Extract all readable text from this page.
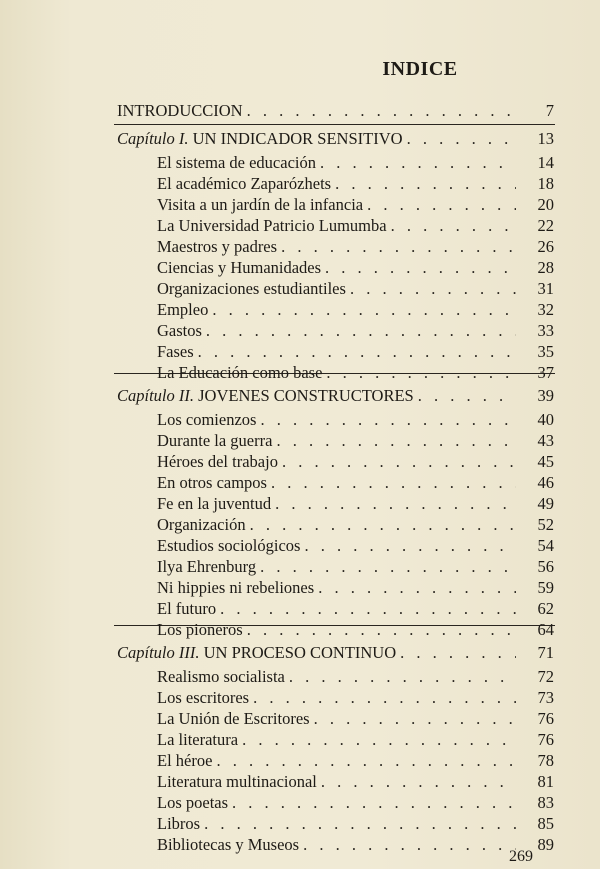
INDICE
INTRODUCCION . . .	7
Capítulo I. UN INDICADOR SENSITIVO . . .	13
El sistema de educación . . .	14
El académico Zaparózhets . . .	18
Visita a un jardín de la infancia . . .	20
La Universidad Patricio Lumumba . . .	22
Maestros y padres . . .	26
Ciencias y Humanidades . . .	28
Organizaciones estudiantiles . . .	31
Empleo . . .	32
Gastos . . .	33
Fases . . .	35
La Educación como base . . .	37
Capítulo II. JOVENES CONSTRUCTORES . . .	39
Los comienzos . . .	40
Durante la guerra . . .	43
Héroes del trabajo . . .	45
En otros campos . . .	46
Fe en la juventud . . .	49
Organización . . .	52
Estudios sociológicos . . .	54
Ilya Ehrenburg . . .	56
Ni hippies ni rebeliones . . .	59
El futuro . . .	62
Los pioneros . . .	64
Capítulo III. UN PROCESO CONTINUO . . .	71
Realismo socialista . . .	72
Los escritores . . .	73
La Unión de Escritores . . .	76
La literatura . . .	76
El héroe . . .	78
Literatura multinacional . . .	81
Los poetas . . .	83
Libros . . .	85
Bibliotecas y Museos . . .	89
269
